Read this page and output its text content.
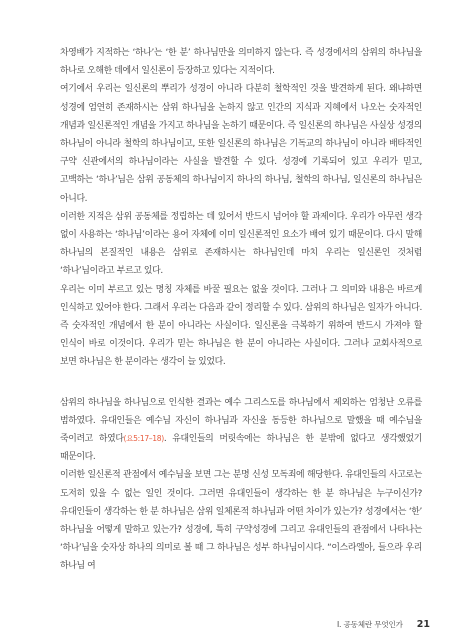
차영배가 지적하는 ‘하나’는 ‘한 분’ 하나님만을 의미하지 않는다. 즉 성경에서의 삼위의 하나님을 하나로 오해한 데에서 일신론이 등장하고 있다는 지적이다.

여기에서 우리는 일신론의 뿌리가 성경이 아니라 다분히 철학적인 것을 발견하게 된다. 왜냐하면 성경에 엄연히 존재하시는 삼위 하나님을 논하지 않고 인간의 지식과 지혜에서 나오는 숫자적인 개념과 일신론적인 개념을 가지고 하나님을 논하기 때문이다. 즉 일신론의 하나님은 사실상 성경의 하나님이 아니라 철학의 하나님이고, 또한 일신론의 하나님은 기독교의 하나님이 아니라 배타적인 구약 신관에서의 하나님이라는 사실을 발견할 수 있다. 성경에 기록되어 있고 우리가 믿고, 고백하는 ‘하나’님은 삼위 공동체의 하나님이지 하나의 하나님, 철학의 하나님, 일신론의 하나님은 아니다.

이러한 지적은 삼위 공동체를 정립하는 데 있어서 반드시 넘어야 할 과제이다. 우리가 아무런 생각 없이 사용하는 ‘하나님’이라는 용어 자체에 이미 일신론적인 요소가 배여 있기 때문이다. 다시 말해 하나님의 본질적인 내용은 삼위로 존재하시는 하나님인데 마치 우리는 일신론인 것처럼 ‘하나’님이라고 부르고 있다.

우리는 이미 부르고 있는 명칭 자체를 바꿀 필요는 없을 것이다. 그러나 그 의미와 내용은 바르게 인식하고 있어야 한다. 그래서 우리는 다음과 같이 정리할 수 있다. 삼위의 하나님은 일자가 아니다. 즉 숫자적인 개념에서 한 분이 아니라는 사실이다. 일신론을 극복하기 위하여 반드시 가져야 할 인식이 바로 이것이다. 우리가 믿는 하나님은 한 분이 아니라는 사실이다. 그러나 교회사적으로 보면 하나님은 한 분이라는 생각이 늘 있었다.

삼위의 하나님을 하나님으로 인식한 결과는 예수 그리스도를 하나님에서 제외하는 엄청난 오류를 범하였다. 유대인들은 예수님 자신이 하나님과 자신을 동등한 하나님으로 말했을 때 예수님을 죽이려고 하였다(요5:17–18). 유대인들의 머릿속에는 하나님은 한 분밖에 없다고 생각했었기 때문이다.

이러한 일신론적 관점에서 예수님을 보면 그는 분명 신성 모독죄에 해당한다. 유대인들의 사고로는 도저히 있을 수 없는 일인 것이다. 그러면 유대인들이 생각하는 한 분 하나님은 누구이신가? 유대인들이 생각하는 한 분 하나님은 삼위 일체론적 하나님과 어떤 차이가 있는가? 성경에서는 ‘한’ 하나님을 어떻게 말하고 있는가? 성경에, 특히 구약성경에 그리고 유대인들의 관점에서 나타나는 ‘하나’님을 숫자상 하나의 의미로 볼 때 그 하나님은 성부 하나님이시다. “이스라엘아, 들으라 우리 하나님 여

I. 공동체란 무엇인가 21
